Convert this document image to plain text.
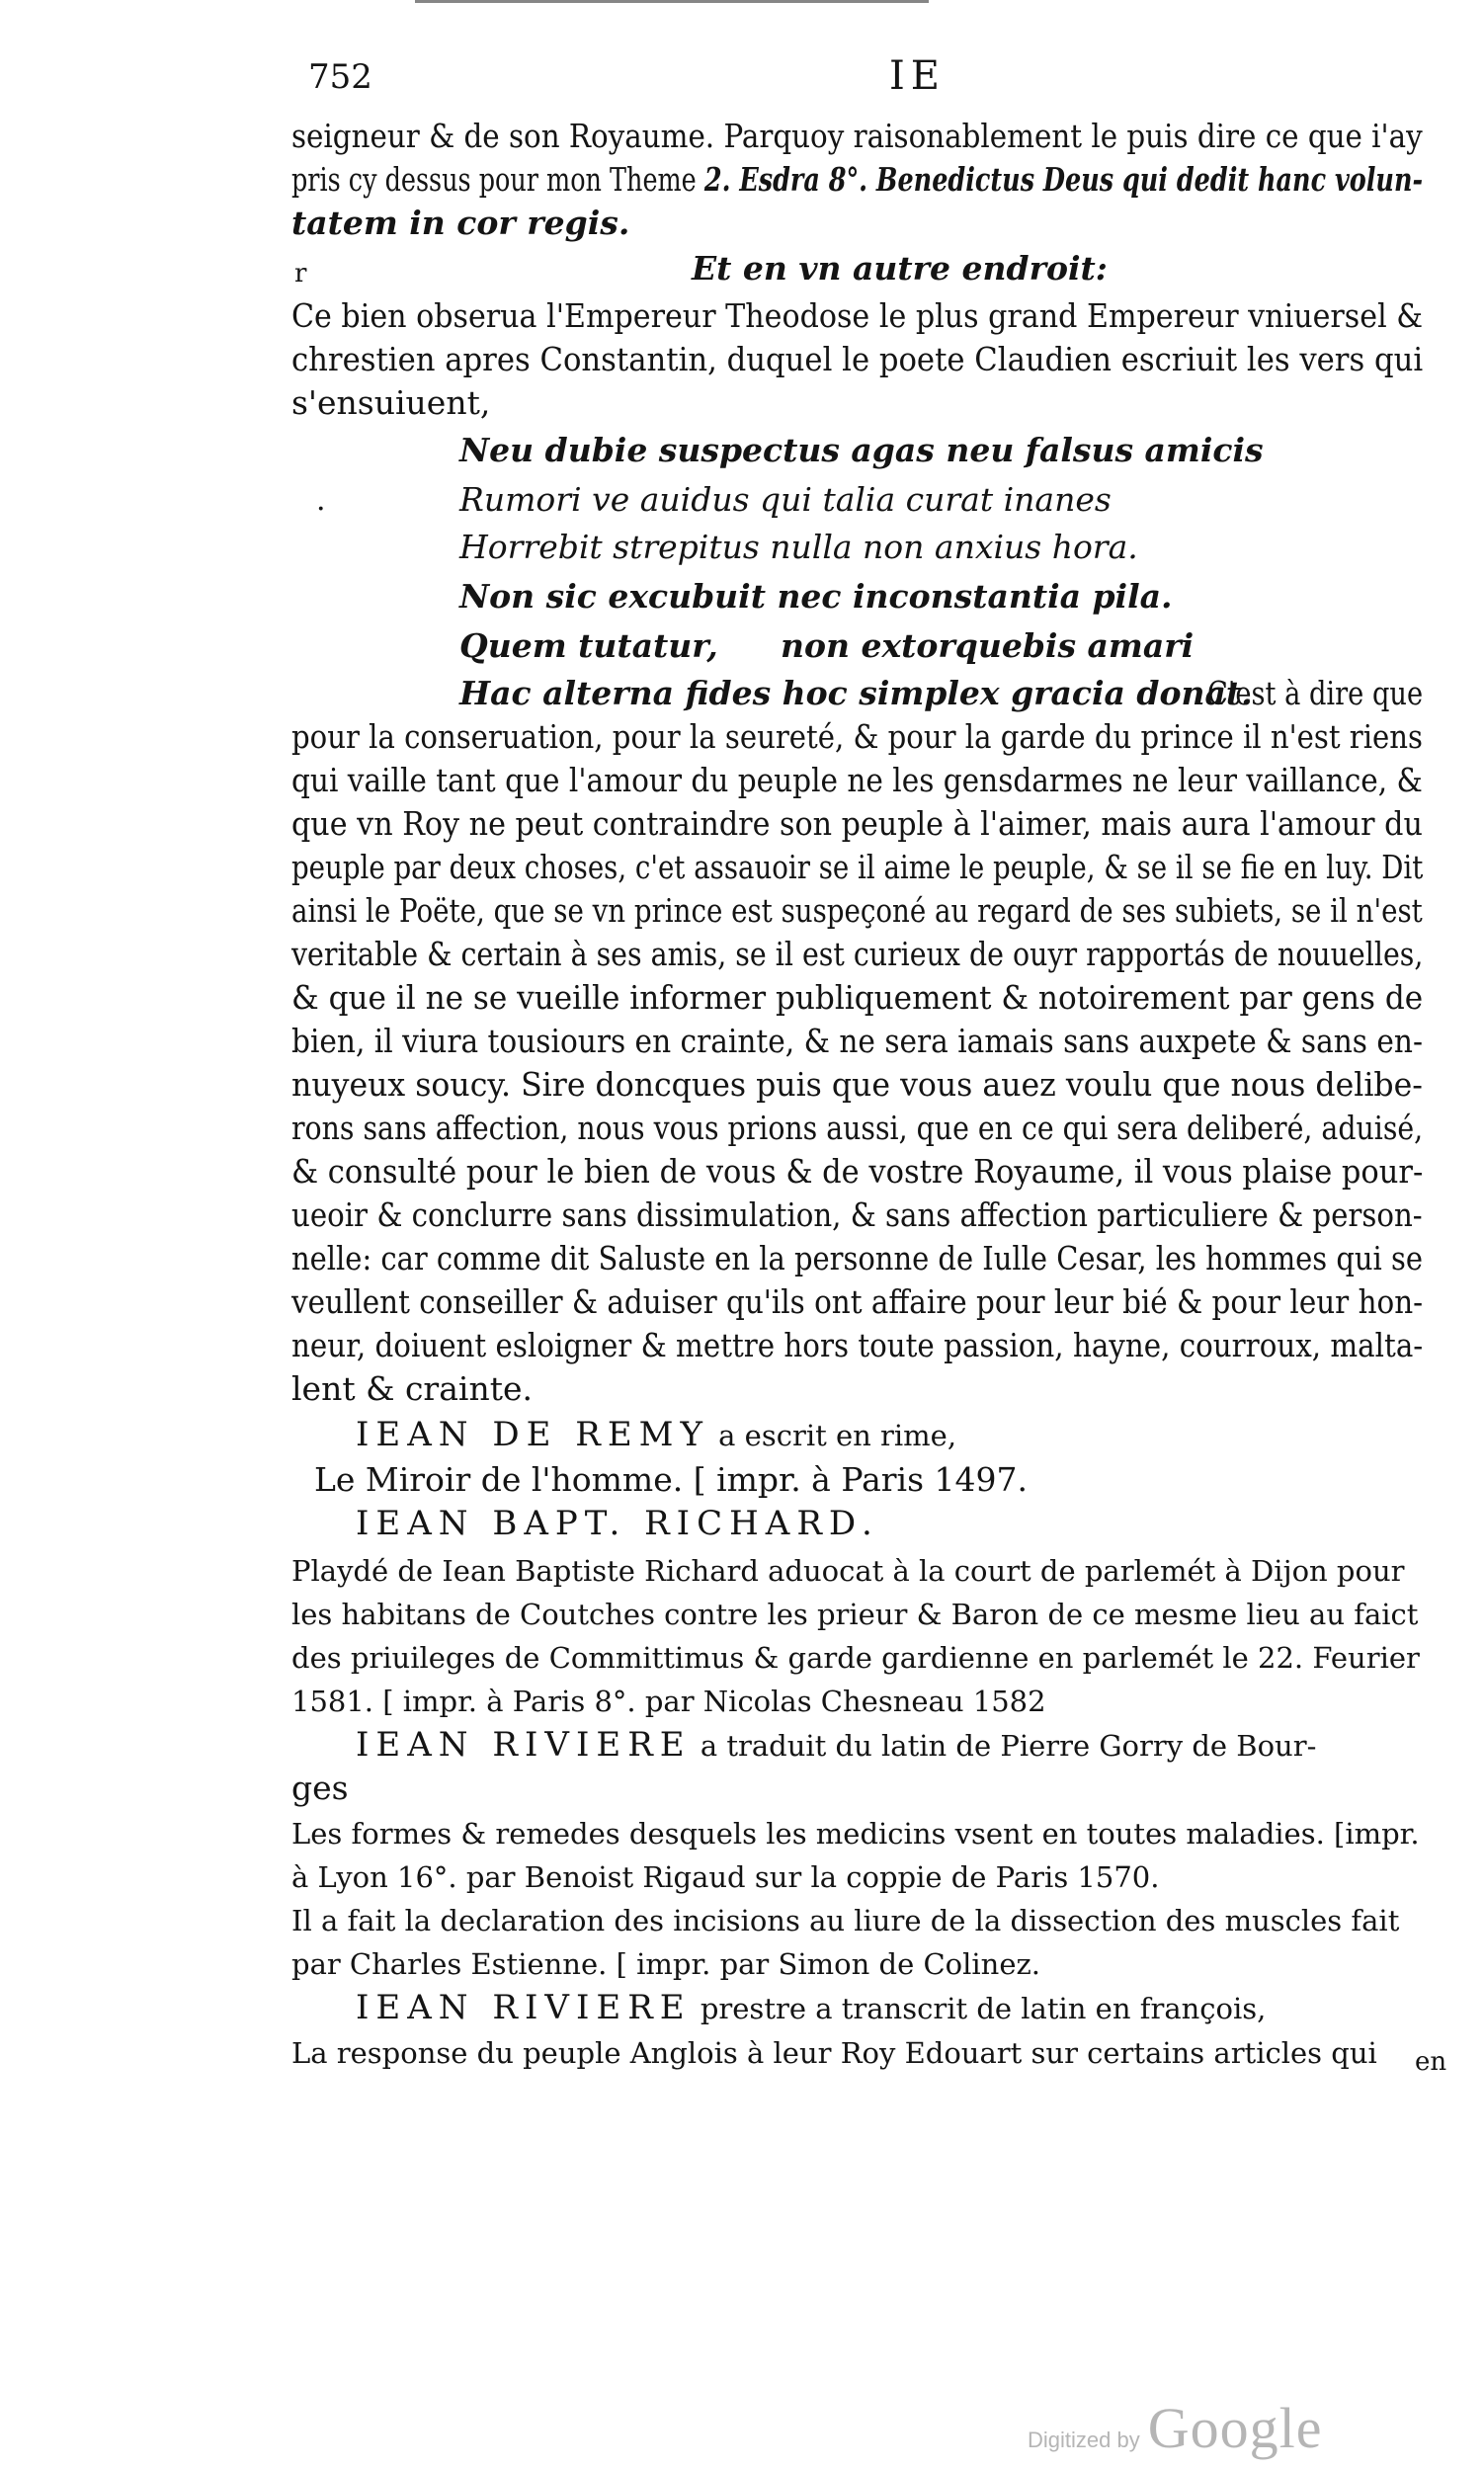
752	IE
seigneur & de son Royaume. Parquoy raisonablement le puis dire ce que i'ay
pris cy dessus pour mon Theme 2. Esdra 8°. Benedictus Deus qui dedit hanc volun-
tatem in cor regis.
r	Et en vn autre endroit:
Ce bien obserua l'Empereur Theodose le plus grand Empereur vniuersel &
chrestien apres Constantin, duquel le poete Claudien escriuit les vers qui
s'ensuiuent,
Neu dubie suspectus agas neu falsus amicis
·	Rumori ve auidus qui talia curat inanes
Horrebit strepitus nulla non anxius hora.
Non sic excubuit nec inconstantia pila.
Quem tutatur, non extorquebis amari
Hac alterna fides hoc simplex gracia donat.
C'est à dire que
pour la conseruation, pour la seureté, & pour la garde du prince il n'est riens
qui vaille tant que l'amour du peuple ne les gensdarmes ne leur vaillance, &
que vn Roy ne peut contraindre son peuple à l'aimer, mais aura l'amour du
peuple par deux choses, c'et assauoir se il aime le peuple, & se il se fie en luy. Dit
ainsi le Poëte, que se vn prince est suspeçoné au regard de ses subiets, se il n'est
veritable & certain à ses amis, se il est curieux de ouyr rapportás de nouuelles,
& que il ne se vueille informer publiquement & notoirement par gens de
bien, il viura tousiours en crainte, & ne sera iamais sans auxpete & sans en-
nuyeux soucy. Sire doncques puis que vous auez voulu que nous delibe-
rons sans affection, nous vous prions aussi, que en ce qui sera deliberé, aduisé,
& consulté pour le bien de vous & de vostre Royaume, il vous plaise pour-
ueoir & conclurre sans dissimulation, & sans affection particuliere & person-
nelle: car comme dit Saluste en la personne de Iulle Cesar, les hommes qui se
veullent conseiller & aduiser qu'ils ont affaire pour leur bié & pour leur hon-
neur, doiuent esloigner & mettre hors toute passion, hayne, courroux, malta-
lent & crainte.
IEAN DE REMY a escrit en rime,
Le Miroir de l'homme. [ impr. à Paris 1497.
IEAN BAPT. RICHARD.
Playdé de Iean Baptiste Richard aduocat à la court de parlemét à Dijon pour
les habitans de Coutches contre les prieur & Baron de ce mesme lieu au faict
des priuileges de Committimus & garde gardienne en parlemét le 22. Feurier
1581. [ impr. à Paris 8°. par Nicolas Chesneau 1582
IEAN RIVIERE a traduit du latin de Pierre Gorry de Bour-
ges
Les formes & remedes desquels les medicins vsent en toutes maladies. [impr.
à Lyon 16°. par Benoist Rigaud sur la coppie de Paris 1570.
Il a fait la declaration des incisions au liure de la dissection des muscles fait
par Charles Estienne. [ impr. par Simon de Colinez.
IEAN RIVIERE prestre a transcrit de latin en françois,
La response du peuple Anglois à leur Roy Edouart sur certains articles qui en
Digitized by Google
